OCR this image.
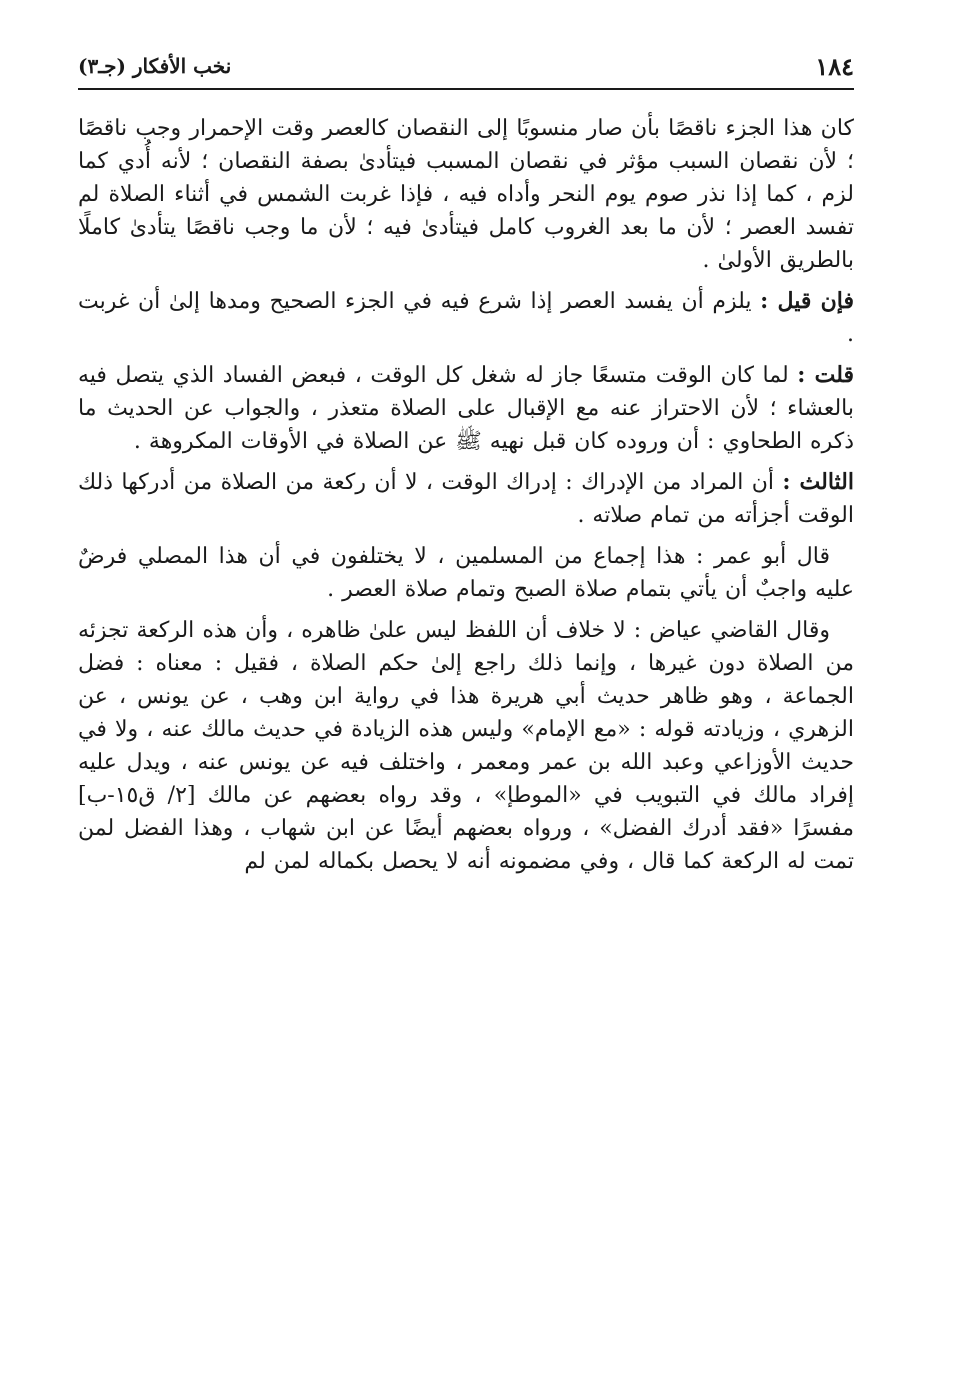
١٨٤
نخب الأفكار (جـ٣)

كان هذا الجزء ناقصًا بأن صار منسوبًا إلى النقصان كالعصر وقت الإحمرار وجب ناقصًا ؛ لأن نقصان السبب مؤثر في نقصان المسبب فيتأدىٰ بصفة النقصان ؛ لأنه أُدي كما لزم ، كما إذا نذر صوم يوم النحر وأداه فيه ، فإذا غربت الشمس في أثناء الصلاة لم تفسد العصر ؛ لأن ما بعد الغروب كامل فيتأدىٰ فيه ؛ لأن ما وجب ناقصًا يتأدىٰ كاملًا بالطريق الأولىٰ .

فإن قيل : يلزم أن يفسد العصر إذا شرع فيه في الجزء الصحيح ومدها إلىٰ أن غربت .

قلت : لما كان الوقت متسعًا جاز له شغل كل الوقت ، فبعض الفساد الذي يتصل فيه بالعشاء ؛ لأن الاحتراز عنه مع الإقبال على الصلاة متعذر ، والجواب عن الحديث ما ذكره الطحاوي : أن وروده كان قبل نهيه ﷺ عن الصلاة في الأوقات المكروهة .

الثالث : أن المراد من الإدراك : إدراك الوقت ، لا أن ركعة من الصلاة من أدركها ذلك الوقت أجزأته من تمام صلاته .

قال أبو عمر : هذا إجماع من المسلمين ، لا يختلفون في أن هذا المصلي فرضٌ عليه واجبٌ أن يأتي بتمام صلاة الصبح وتمام صلاة العصر .

وقال القاضي عياض : لا خلاف أن اللفظ ليس علىٰ ظاهره ، وأن هذه الركعة تجزئه من الصلاة دون غيرها ، وإنما ذلك راجع إلىٰ حكم الصلاة ، فقيل : معناه : فضل الجماعة ، وهو ظاهر حديث أبي هريرة هذا في رواية ابن وهب ، عن يونس ، عن الزهري ، وزيادته قوله : «مع الإمام» وليس هذه الزيادة في حديث مالك عنه ، ولا في حديث الأوزاعي وعبد الله بن عمر ومعمر ، واختلف فيه عن يونس عنه ، ويدل عليه إفراد مالك في التبويب في «الموطإ» ، وقد رواه بعضهم عن مالك [٢/ ق١٥-ب] مفسرًا «فقد أدرك الفضل» ، ورواه بعضهم أيضًا عن ابن شهاب ، وهذا الفضل لمن تمت له الركعة كما قال ، وفي مضمونه أنه لا يحصل بكماله لمن لم
